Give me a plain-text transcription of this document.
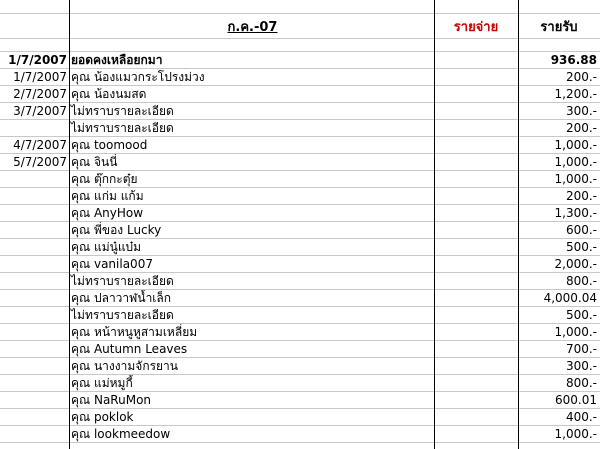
ก.ค.-07	รายจ่าย	รายรับ
1/7/2007 ยอดคงเหลือยกมา	936.88
1/7/2007 คุณ น้องแมวกระโปรงม่วง	200.-
2/7/2007 คุณ น้องนมสด	1,200.-
3/7/2007 ไม่ทราบรายละเอียด	300.-
ไม่ทราบรายละเอียด	200.-
4/7/2007 คุณ toomood	1,000.-
5/7/2007 คุณ จินนี่	1,000.-
คุณ ตุ๊กกะตุ๋ย	1,000.-
คุณ แก่ม แก้ม	200.-
คุณ AnyHow	1,300.-
คุณ พี่ของ Lucky	600.-
คุณ แม่นู๋แบ๋ม	500.-
คุณ vanila007	2,000.-
ไม่ทราบรายละเอียด	800.-
คุณ ปลาวาฬน้ำเล็ก	4,000.04
ไม่ทราบรายละเอียด	500.-
คุณ หน้าหนูหูสามเหลี่ยม	1,000.-
คุณ Autumn Leaves	700.-
คุณ นางงามจักรยาน	300.-
คุณ แม่หมูกี้	800.-
คุณ NaRuMon	600.01
คุณ poklok	400.-
คุณ lookmeedow	1,000.-
